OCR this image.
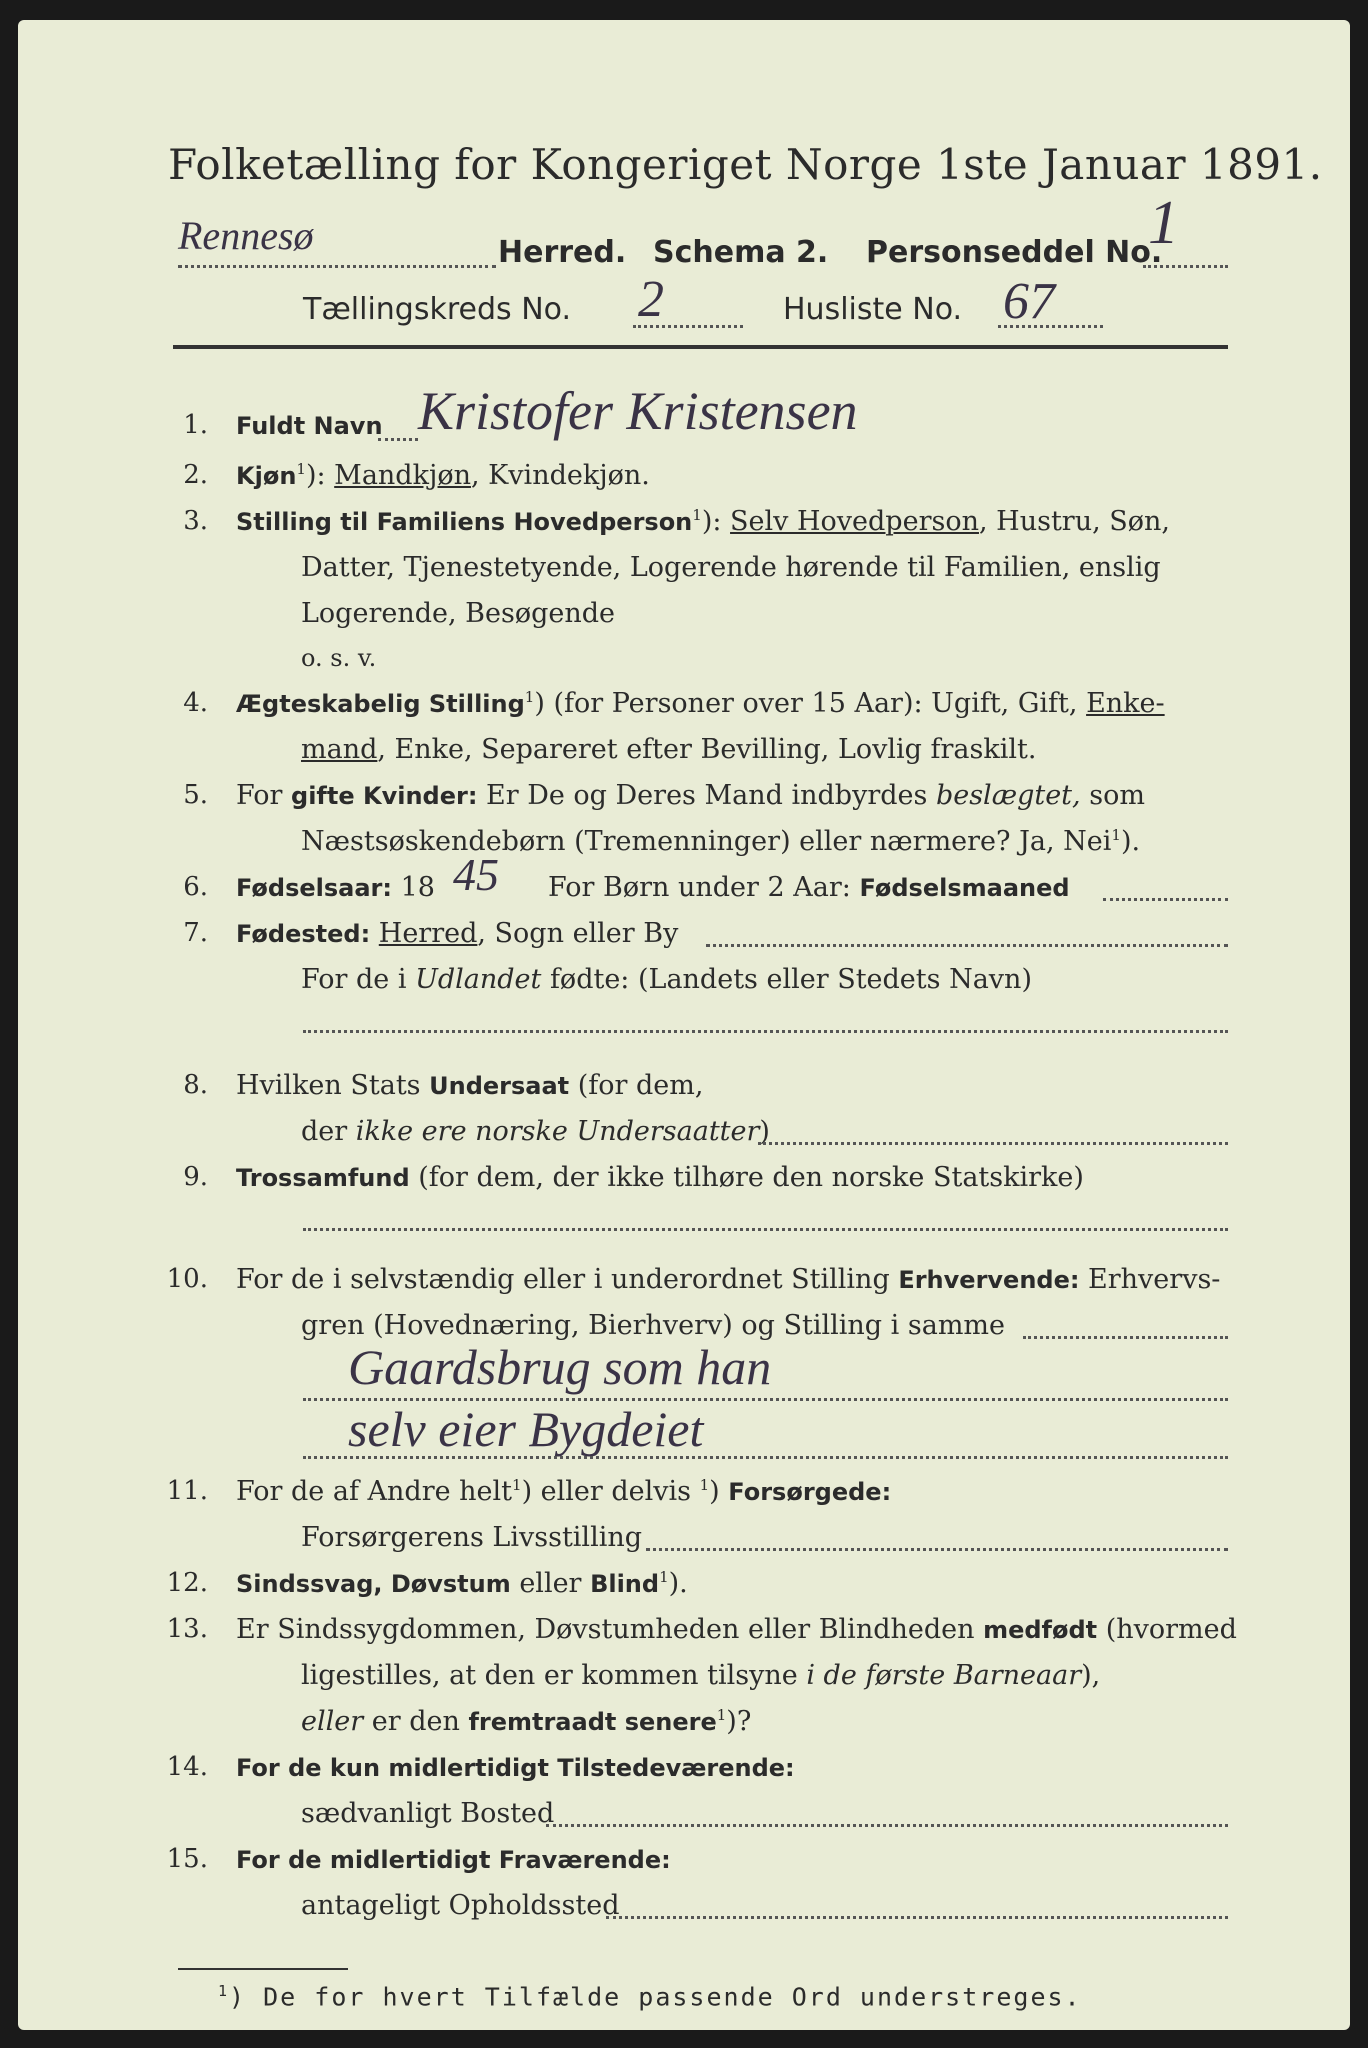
Folketælling for Kongeriget Norge 1ste Januar 1891.
Rennesø	Herred. Schema 2. Personseddel No.
1
Tællingskreds No. 2	Husliste No. 67
1. Fuldt Navn Kristofer Kristensen
2. Kjøn$^1$): Mandkjøn, Kvindekjøn.
3. Stilling til Familiens Hovedperson$^1$): Selv Hovedperson, Hustru, Søn,
Datter, Tjenestetyende, Logerende hørende til Familien, enslig
Logerende, Besøgende
o. s. v.
4. Ægteskabelig Stilling$^1$) (for Personer over 15 Aar): Ugift, Gift, Enke-
mand, Enke, Separeret efter Bevilling, Lovlig fraskilt.
5. For gifte Kvinder: Er De og Deres Mand indbyrdes beslægtet, som
Næstsøskendebørn (Tremenninger) eller nærmere? Ja, Nei$^1$).
6. Fødselsaar: 18 45 For Børn under 2 Aar: Fødselsmaaned
7. Fødested: Herred, Sogn eller By
For de i Udlandet fødte: (Landets eller Stedets Navn)
8. Hvilken Stats Undersaat (for dem,
der ikke ere norske Undersaatter)
9. Trossamfund (for dem, der ikke tilhøre den norske Statskirke)
10. For de i selvstændig eller i underordnet Stilling Erhvervende: Erhvervs-
gren (Hovednæring, Bierhverv) og Stilling i samme
Gaardsbrug som han
selv eier Bygdeiet
11. For de af Andre helt$^1$) eller delvis $^1$) Forsørgede:
Forsørgerens Livsstilling
12. Sindssvag, Døvstum eller Blind$^1$).
13. Er Sindssygdommen, Døvstumheden eller Blindheden medfødt (hvormed
ligestilles, at den er kommen tilsyne i de første Barneaar),
eller er den fremtraadt senere$^1$)?
14. For de kun midlertidigt Tilstedeværende:
sædvanligt Bosted
15. For de midlertidigt Fraværende:
antageligt Opholdssted
$^1$) De for hvert Tilfælde passende Ord understreges.
